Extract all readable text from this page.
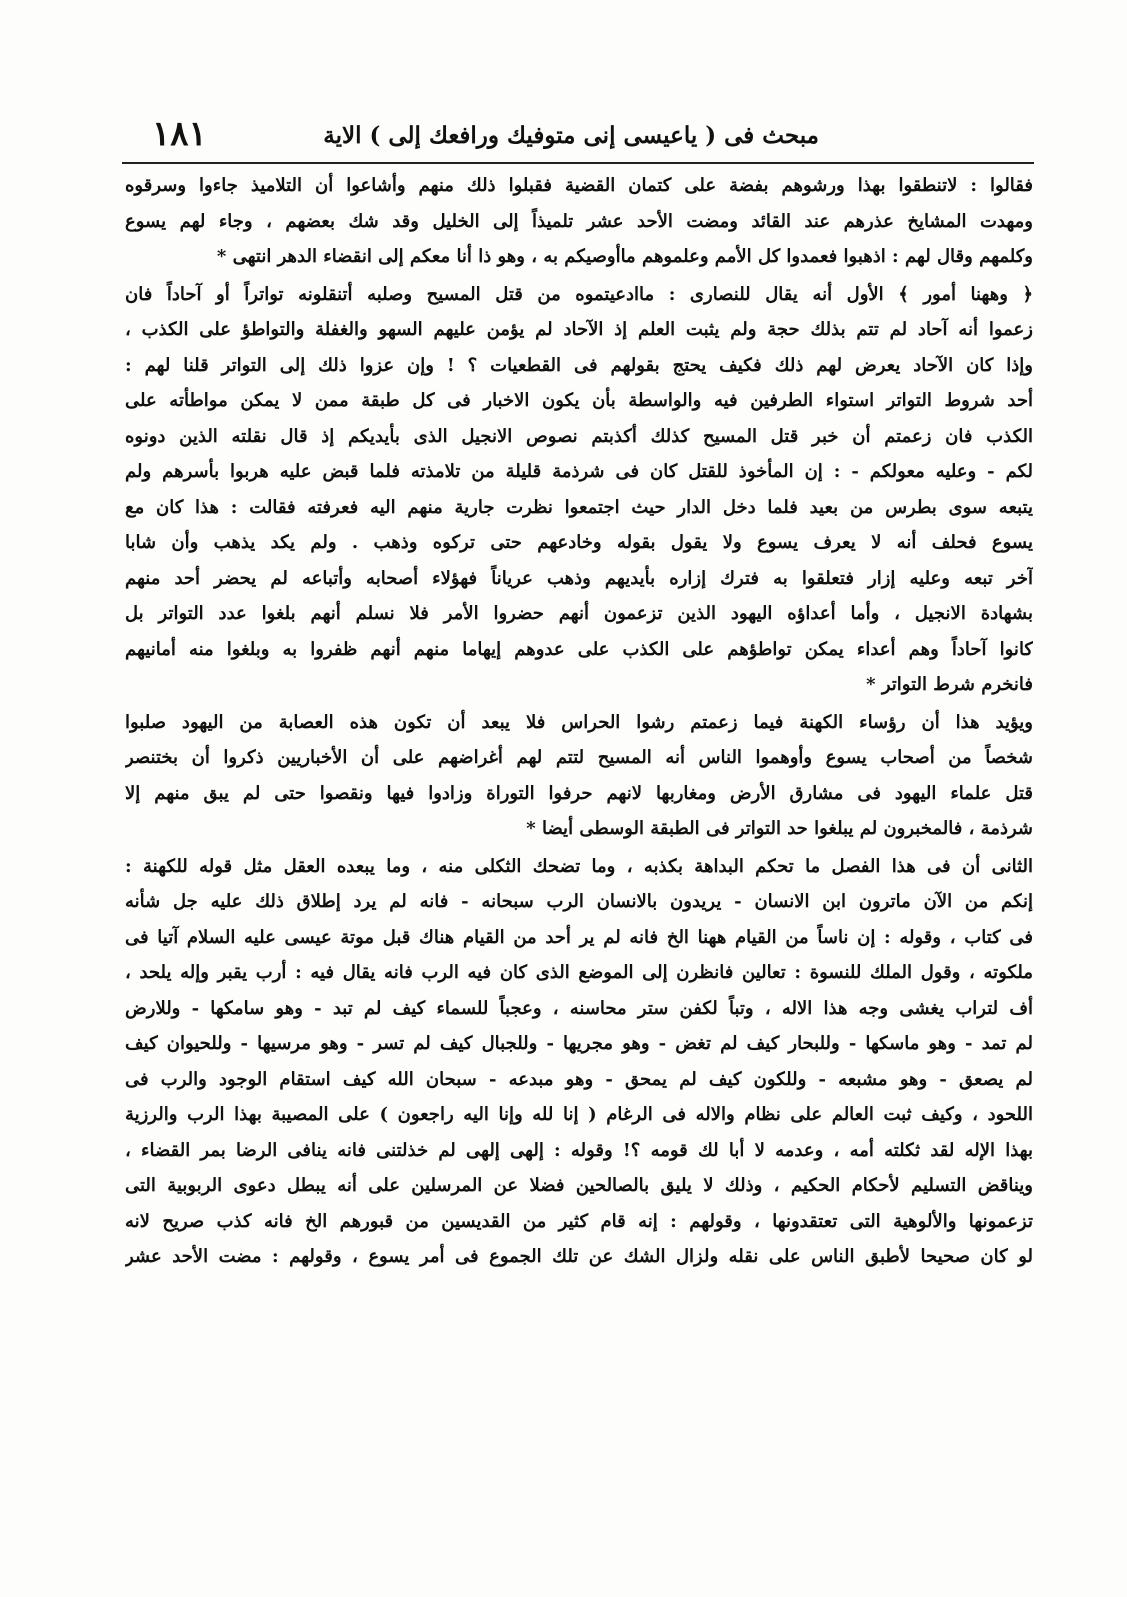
مبحث فى ( ياعيسى إنى متوفيك ورافعك إلى ) الاية
١٨١
فقالوا : لاتنطقوا بهذا ورشوهم بفضة على كتمان القضية فقبلوا ذلك منهم وأشاعوا أن التلاميذ جاءوا وسرقوه
ومهدت المشايخ عذرهم عند القائد ومضت الأحد عشر تلميذاً إلى الخليل وقد شك بعضهم ، وجاء لهم يسوع
وكلمهم وقال لهم : اذهبوا فعمدوا كل الأمم وعلموهم ماأوصيكم به ، وهو ذا أنا معكم إلى انقضاء الدهر انتهى *
﴿ وههنا أمور ﴾ الأول أنه يقال للنصارى : ماادعيتموه من قتل المسيح وصلبه أتنقلونه تواتراً أو آحاداً فان
زعموا أنه آحاد لم تتم بذلك حجة ولم يثبت العلم إذ الآحاد لم يؤمن عليهم السهو والغفلة والتواطؤ على الكذب ،
وإذا كان الآحاد يعرض لهم ذلك فكيف يحتج بقولهم فى القطعيات ؟ ! وإن عزوا ذلك إلى التواتر قلنا لهم :
أحد شروط التواتر استواء الطرفين فيه والواسطة بأن يكون الاخبار فى كل طبقة ممن لا يمكن مواطأته على
الكذب فان زعمتم أن خبر قتل المسيح كذلك أكذبتم نصوص الانجيل الذى بأيديكم إذ قال نقلته الذين دونوه
لكم - وعليه معولكم - : إن المأخوذ للقتل كان فى شرذمة قليلة من تلامذته فلما قبض عليه هربوا بأسرهم ولم
يتبعه سوى بطرس من بعيد فلما دخل الدار حيث اجتمعوا نظرت جارية منهم اليه فعرفته فقالت : هذا كان مع
يسوع فحلف أنه لا يعرف يسوع ولا يقول بقوله وخادعهم حتى تركوه وذهب . ولم يكد يذهب وأن شابا
آخر تبعه وعليه إزار فتعلقوا به فترك إزاره بأيديهم وذهب عرياناً فهؤلاء أصحابه وأتباعه لم يحضر أحد منهم
بشهادة الانجيل ، وأما أعداؤه اليهود الذين تزعمون أنهم حضروا الأمر فلا نسلم أنهم بلغوا عدد التواتر بل
كانوا آحاداً وهم أعداء يمكن تواطؤهم على الكذب على عدوهم إيهاما منهم أنهم ظفروا به وبلغوا منه أمانيهم
فانخرم شرط التواتر *
ويؤيد هذا أن رؤساء الكهنة فيما زعمتم رشوا الحراس فلا يبعد أن تكون هذه العصابة من اليهود صلبوا
شخصاً من أصحاب يسوع وأوهموا الناس أنه المسيح لتتم لهم أغراضهم على أن الأخباريين ذكروا أن بختنصر
قتل علماء اليهود فى مشارق الأرض ومغاربها لانهم حرفوا التوراة وزادوا فيها ونقصوا حتى لم يبق منهم إلا
شرذمة ، فالمخبرون لم يبلغوا حد التواتر فى الطبقة الوسطى أيضا *
الثانى أن فى هذا الفصل ما تحكم البداهة بكذبه ، وما تضحك الثكلى منه ، وما يبعده العقل مثل قوله للكهنة :
إنكم من الآن ماترون ابن الانسان - يريدون بالانسان الرب سبحانه - فانه لم يرد إطلاق ذلك عليه جل شأنه
فى كتاب ، وقوله : إن ناساً من القيام ههنا الخ فانه لم ير أحد من القيام هناك قبل موتة عيسى عليه السلام آتيا فى
ملكوته ، وقول الملك للنسوة : تعالين فانظرن إلى الموضع الذى كان فيه الرب فانه يقال فيه : أرب يقبر وإله يلحد ،
أف لتراب يغشى وجه هذا الاله ، وتباً لكفن ستر محاسنه ، وعجباً للسماء كيف لم تبد - وهو سامكها - وللارض
لم تمد - وهو ماسكها - وللبحار كيف لم تغض - وهو مجريها - وللجبال كيف لم تسر - وهو مرسيها - وللحيوان كيف
لم يصعق - وهو مشبعه - وللكون كيف لم يمحق - وهو مبدعه - سبحان الله كيف استقام الوجود والرب فى
اللحود ، وكيف ثبت العالم على نظام والاله فى الرغام ( إنا لله وإنا اليه راجعون ) على المصيبة بهذا الرب والرزية
بهذا الإله لقد ثكلته أمه ، وعدمه لا أبا لك قومه ؟! وقوله : إلهى إلهى لم خذلتنى فانه ينافى الرضا بمر القضاء ،
ويناقض التسليم لأحكام الحكيم ، وذلك لا يليق بالصالحين فضلا عن المرسلين على أنه يبطل دعوى الربوبية التى
تزعمونها والألوهية التى تعتقدونها ، وقولهم : إنه قام كثير من القديسين من قبورهم الخ فانه كذب صريح لانه
لو كان صحيحا لأطبق الناس على نقله ولزال الشك عن تلك الجموع فى أمر يسوع ، وقولهم : مضت الأحد عشر
